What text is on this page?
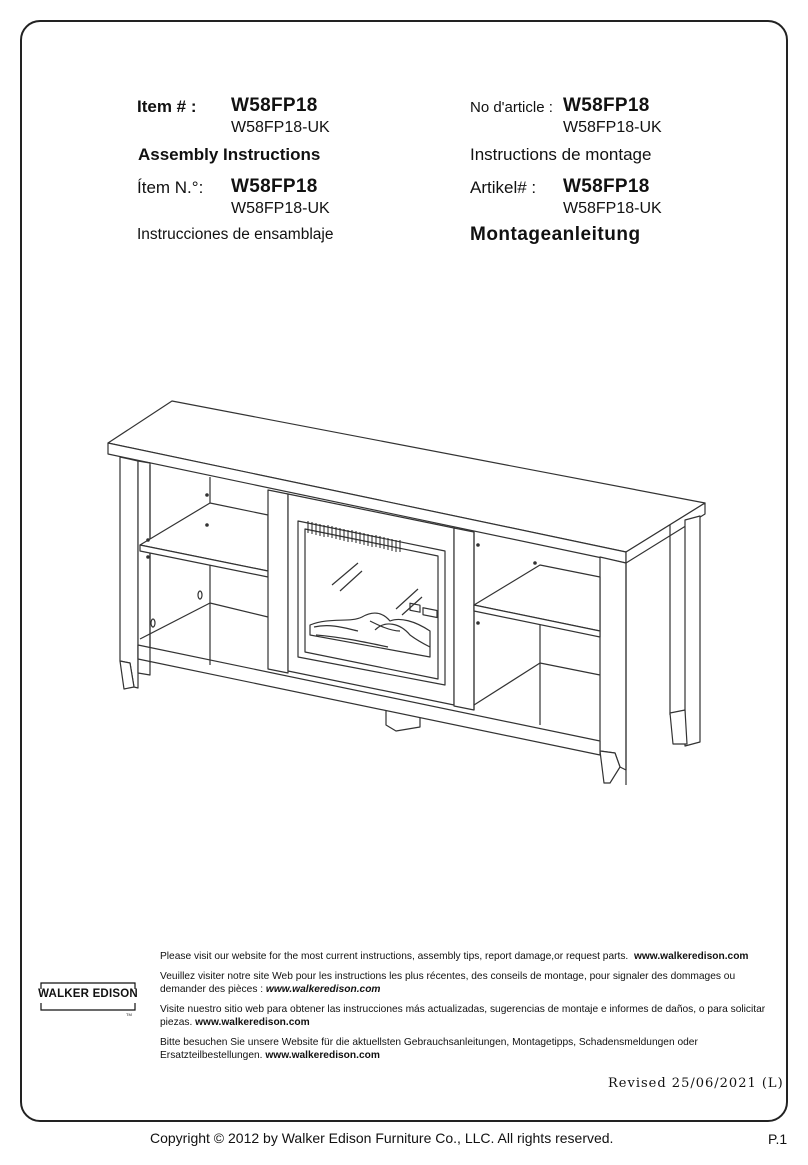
Item # : W58FP18
W58FP18-UK
Assembly Instructions
Ítem N.°: W58FP18
W58FP18-UK
Instrucciones de ensamblaje
No d'article : W58FP18
W58FP18-UK
Instructions de montage
Artikel# : W58FP18
W58FP18-UK
Montageanleitung
WALKER EDISON
TM

Please visit our website for the most current instructions, assembly tips, report damage,or request parts. www.walkeredison.com

Veuillez visiter notre site Web pour les instructions les plus récentes, des conseils de montage, pour signaler des dommages ou demander des pièces : www.walkeredison.com

Visite nuestro sitio web para obtener las instrucciones más actualizadas, sugerencias de montaje e informes de daños, o para solicitar piezas. www.walkeredison.com

Bitte besuchen Sie unsere Website für die aktuellsten Gebrauchsanleitungen, Montagetipps, Schadensmeldungen oder Ersatzteilbestellungen. www.walkeredison.com

Revised 25/06/2021 (L)
Copyright © 2012 by Walker Edison Furniture Co., LLC. All rights reserved.	P.1
